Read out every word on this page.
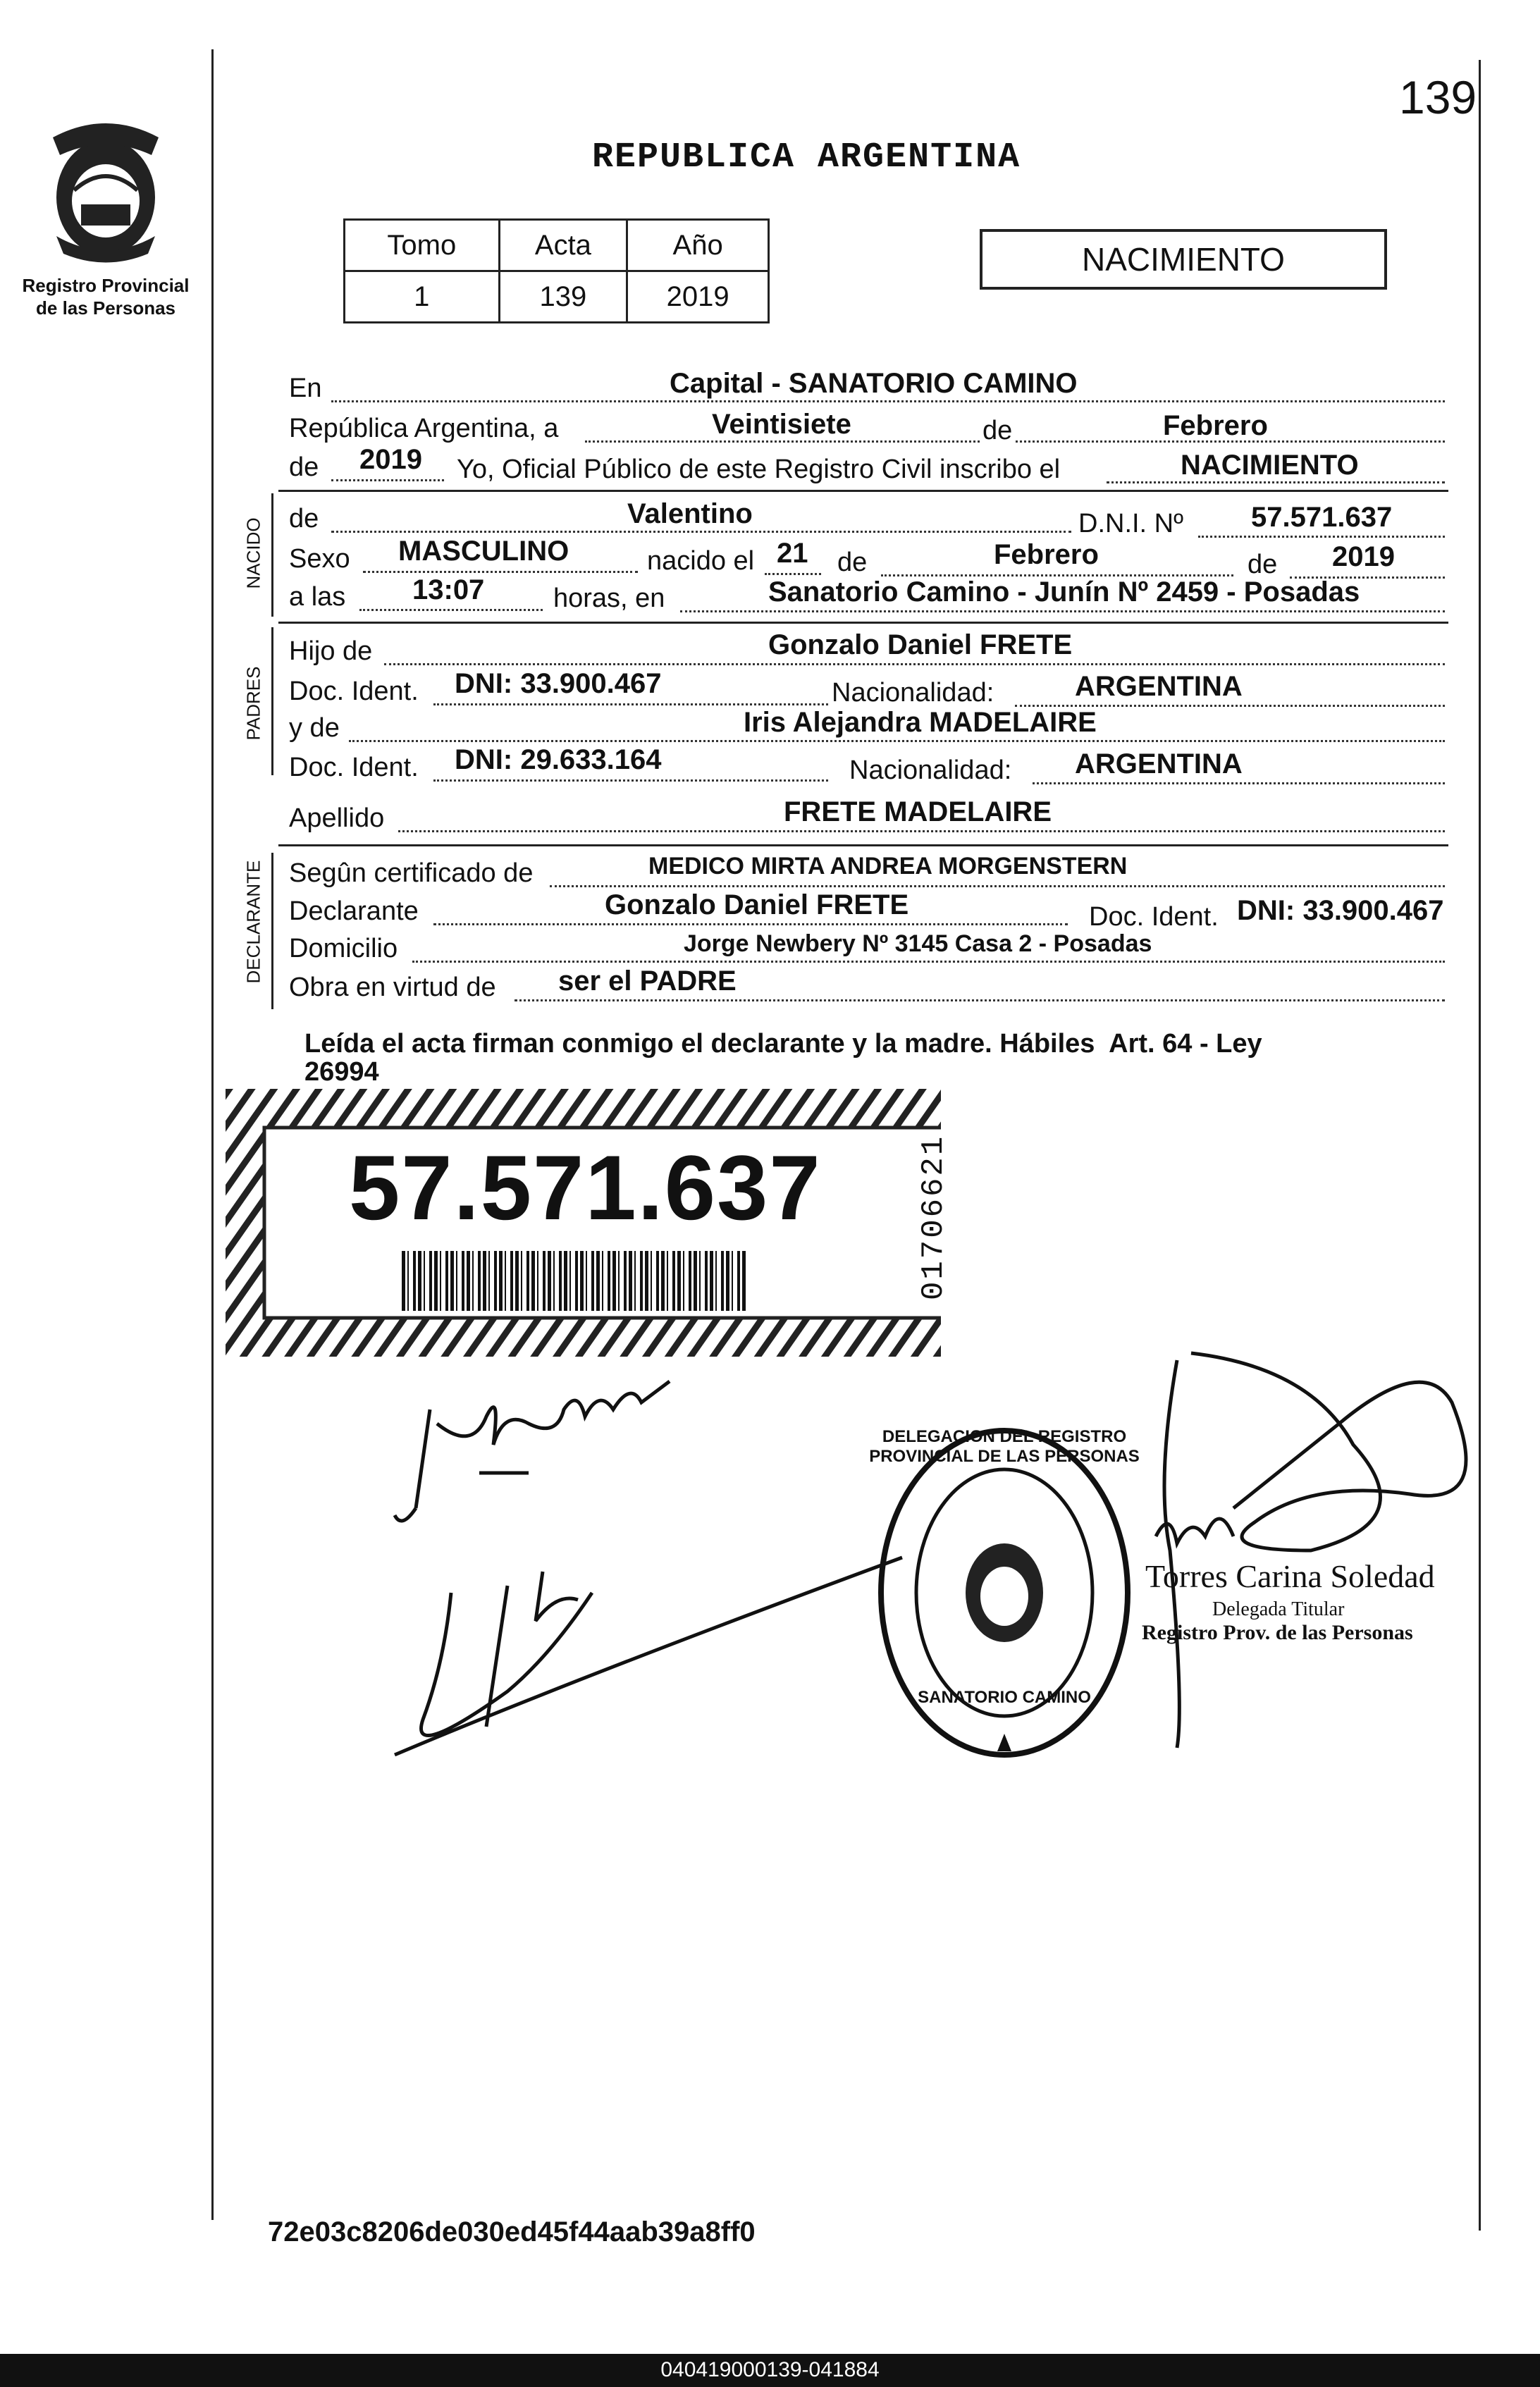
139
Registro Provincial
de las Personas
REPUBLICA ARGENTINA
Tomo	Acta	Año
1	139	2019
NACIMIENTO
En	Capital - SANATORIO CAMINO
República Argentina, a	Veintisiete	de	Febrero
de 2019 Yo, Oficial Público de este Registro Civil inscribo el	NACIMIENTO
NACIDO de	Valentino	D.N.I. Nº 57.571.637
Sexo MASCULINO	nacido el 21 de	Febrero	de 2019
a las 13:07	horas, en	Sanatorio Camino - Junín Nº 2459 - Posadas
PADRES
Hijo de	Gonzalo Daniel FRETE
Doc. Ident. DNI: 33.900.467	Nacionalidad:	ARGENTINA
y de	Iris Alejandra MADELAIRE
Doc. Ident. DNI: 29.633.164	Nacionalidad: ARGENTINA
Apellido	FRETE MADELAIRE
DECLARANTE Segûn certificado de	MEDICO MIRTA ANDREA MORGENSTERN
Declarante	Gonzalo Daniel FRETE	Doc. Ident. DNI: 33.900.467
Domicilio	Jorge Newbery Nº 3145 Casa 2 - Posadas
Obra en virtud de ser el PADRE
Leída el acta firman conmigo el declarante y la madre. Hábiles  Art. 64 - Ley
26994
57.571.637	01706621
DELEGACION DEL REGISTRO PROVINCIAL DE LAS PERSONAS
SANATORIO CAMINO
Torres Carina Soledad
Delegada Titular
Registro Prov. de las Personas
72e03c8206de030ed45f44aab39a8ff0
040419000139-041884
